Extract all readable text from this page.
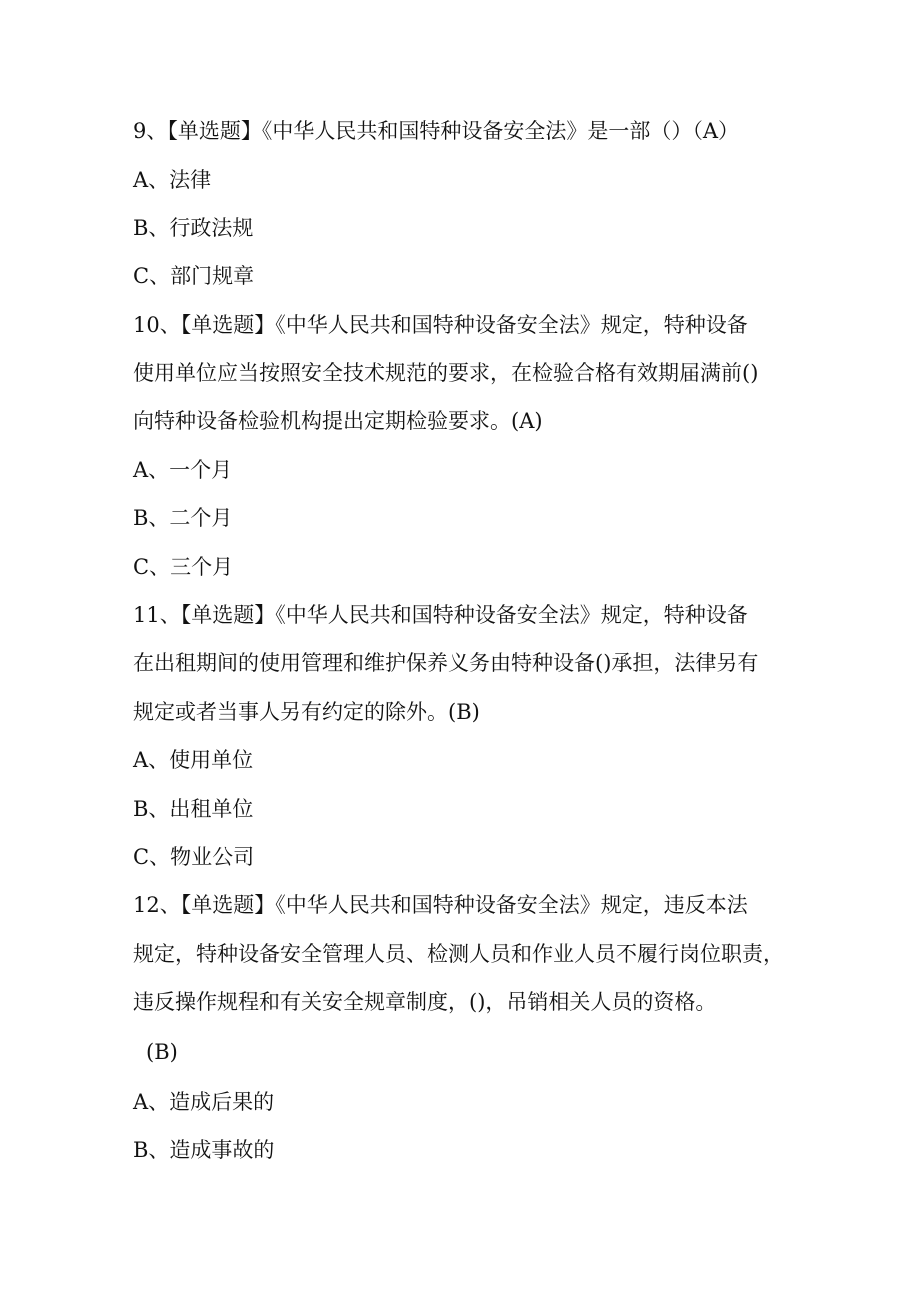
9、【单选题】《中华人民共和国特种设备安全法》是一部（）（A）
A、法律
B、行政法规
C、部门规章
10、【单选题】《中华人民共和国特种设备安全法》规定，特种设备
使用单位应当按照安全技术规范的要求，在检验合格有效期届满前()
向特种设备检验机构提出定期检验要求。(A)
A、一个月
B、二个月
C、三个月
11、【单选题】《中华人民共和国特种设备安全法》规定，特种设备
在出租期间的使用管理和维护保养义务由特种设备()承担，法律另有
规定或者当事人另有约定的除外。(B)
A、使用单位
B、出租单位
C、物业公司
12、【单选题】《中华人民共和国特种设备安全法》规定，违反本法
规定，特种设备安全管理人员、检测人员和作业人员不履行岗位职责，
违反操作规程和有关安全规章制度，()，吊销相关人员的资格。
(B)
A、造成后果的
B、造成事故的
